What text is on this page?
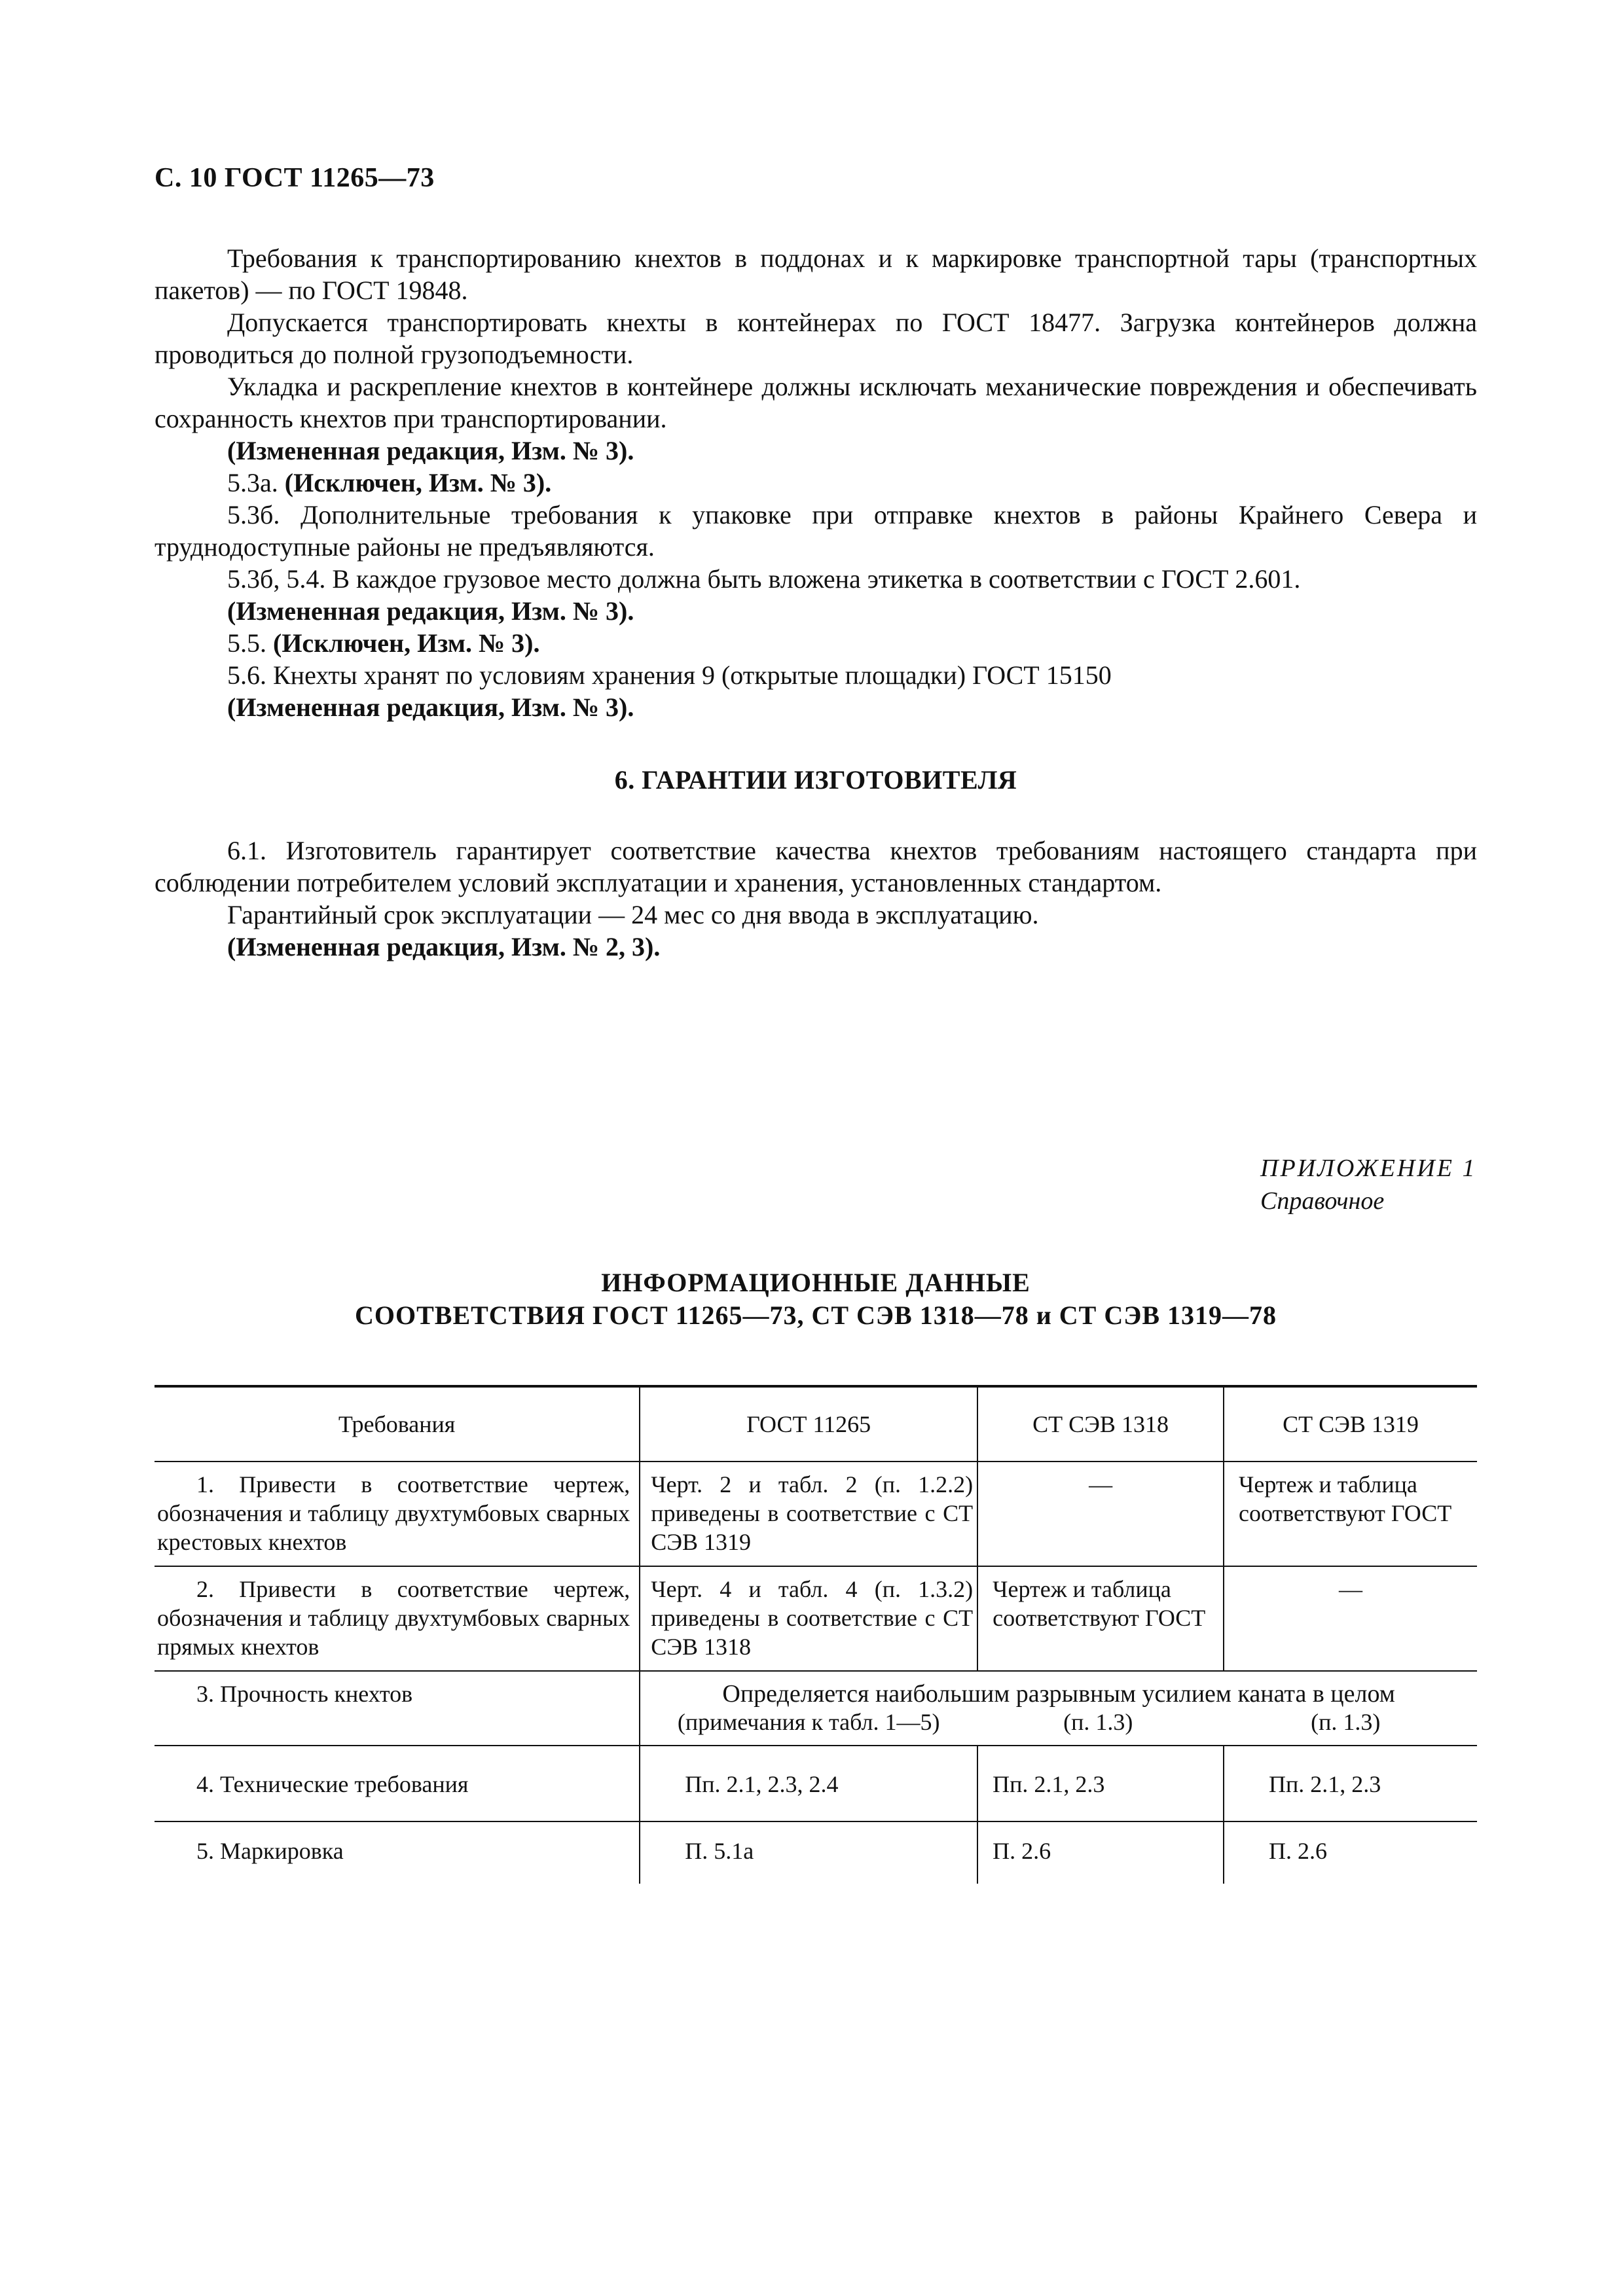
С. 10 ГОСТ 11265—73

Требования к транспортированию кнехтов в поддонах и к маркировке транспортной тары (транспортных пакетов) — по ГОСТ 19848.

Допускается транспортировать кнехты в контейнерах по ГОСТ 18477. Загрузка контейнеров должна проводиться до полной грузоподъемности.

Укладка и раскрепление кнехтов в контейнере должны исключать механические повреждения и обеспечивать сохранность кнехтов при транспортировании.

(Измененная редакция, Изм. № 3).

5.3а. (Исключен, Изм. № 3).

5.3б. Дополнительные требования к упаковке при отправке кнехтов в районы Крайнего Севера и труднодоступные районы не предъявляются.

5.3б, 5.4. В каждое грузовое место должна быть вложена этикетка в соответствии с ГОСТ 2.601.

(Измененная редакция, Изм. № 3).

5.5. (Исключен, Изм. № 3).

5.6. Кнехты хранят по условиям хранения 9 (открытые площадки) ГОСТ 15150

(Измененная редакция, Изм. № 3).

6. ГАРАНТИИ ИЗГОТОВИТЕЛЯ

6.1. Изготовитель гарантирует соответствие качества кнехтов требованиям настоящего стандарта при соблюдении потребителем условий эксплуатации и хранения, установленных стандартом.

Гарантийный срок эксплуатации — 24 мес со дня ввода в эксплуатацию.

(Измененная редакция, Изм. № 2, 3).

ПРИЛОЖЕНИЕ 1
Справочное
ИНФОРМАЦИОННЫЕ ДАННЫЕ
СООТВЕТСТВИЯ ГОСТ 11265—73, СТ СЭВ 1318—78 и СТ СЭВ 1319—78
Требования	ГОСТ 11265	СТ СЭВ 1318	СТ СЭВ 1319
1. Привести в соответствие чертеж, обозначения и таблицу двухтумбовых сварных крестовых кнехтов	Черт. 2 и табл. 2 (п. 1.2.2) приведены в соответствие с СТ СЭВ 1319	—	Чертеж и таблица соответствуют ГОСТ
2. Привести в соответствие чертеж, обозначения и таблицу двухтумбовых сварных прямых кнехтов	Черт. 4 и табл. 4 (п. 1.3.2) приведены в соответствие с СТ СЭВ 1318	Чертеж и таблица соответствуют ГОСТ	—
3. Прочность кнехтов	Определяется наибольшим разрывным усилием каната в целом
(примечания к табл. 1—5) (п. 1.3) (п. 1.3)		

4. Технические требования	Пп. 2.1, 2.3, 2.4	Пп. 2.1, 2.3	Пп. 2.1, 2.3
5. Маркировка	П. 5.1а	П. 2.6	П. 2.6
